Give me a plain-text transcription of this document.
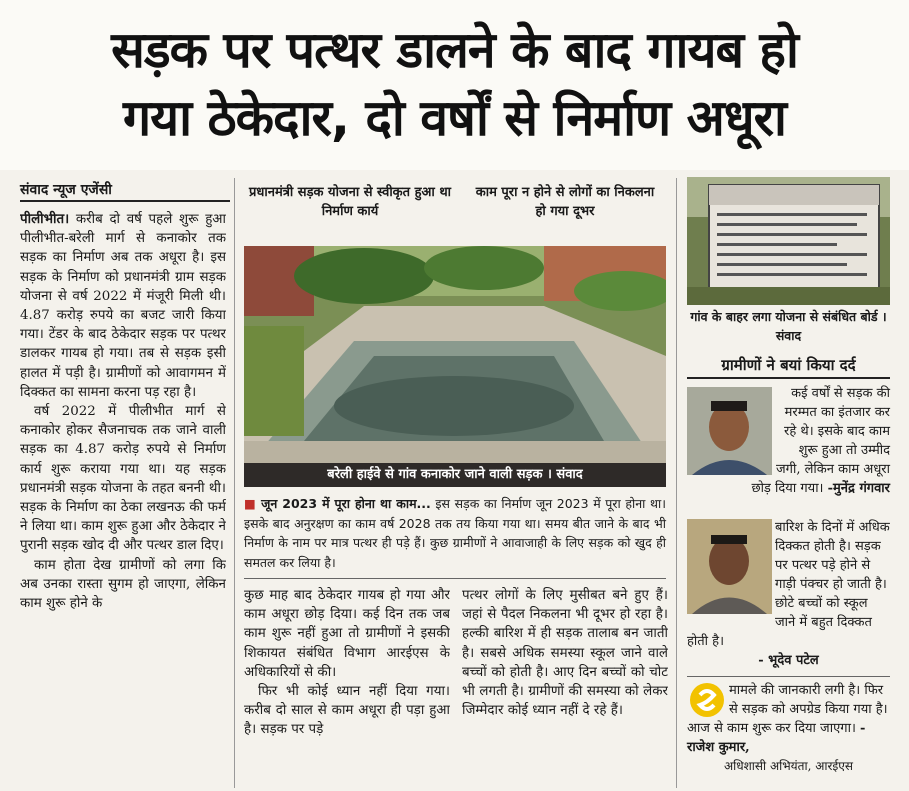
सड़क पर पत्थर डालने के बाद गायब हो
गया ठेकेदार, दो वर्षों से निर्माण अधूरा
संवाद न्यूज एजेंसी

पीलीभीत। करीब दो वर्ष पहले शुरू हुआ पीलीभीत-बरेली मार्ग से कनाकोर तक सड़क का निर्माण अब तक अधूरा है। इस सड़क के निर्माण को प्रधानमंत्री ग्राम सड़क योजना से वर्ष 2022 में मंजूरी मिली थी। 4.87 करोड़ रुपये का बजट जारी किया गया। टेंडर के बाद ठेकेदार सड़क पर पत्थर डालकर गायब हो गया। तब से सड़क इसी हालत में पड़ी है। ग्रामीणों को आवागमन में दिक्कत का सामना करना पड़ रहा है।

वर्ष 2022 में पीलीभीत मार्ग से कनाकोर होकर सैजनाचक तक जाने वाली सड़क का 4.87 करोड़ रुपये से निर्माण कार्य शुरू कराया गया था। यह सड़क प्रधानमंत्री सड़क योजना के तहत बननी थी। सड़क के निर्माण का ठेका लखनऊ की फर्म ने लिया था। काम शुरू हुआ और ठेकेदार ने पुरानी सड़क खोद दी और पत्थर डाल दिए।

काम होता देख ग्रामीणों को लगा कि अब उनका रास्ता सुगम हो जाएगा, लेकिन काम शुरू होने के

प्रधानमंत्री सड़क योजना से स्वीकृत हुआ था निर्माण कार्य
काम पूरा न होने से लोगों का निकलना हो गया दूभर
बरेली हाईवे से गांव कनाकोर जाने वाली सड़क । संवाद

■ जून 2023 में पूरा होना था काम... इस सड़क का निर्माण जून 2023 में पूरा होना था। इसके बाद अनुरक्षण का काम वर्ष 2028 तक तय किया गया था। समय बीत जाने के बाद भी निर्माण के नाम पर मात्र पत्थर ही पड़े हैं। कुछ ग्रामीणों ने आवाजाही के लिए सड़क को खुद ही समतल कर लिया है।

कुछ माह बाद ठेकेदार गायब हो गया और काम अधूरा छोड़ दिया। कई दिन तक जब काम शुरू नहीं हुआ तो ग्रामीणों ने इसकी शिकायत संबंधित विभाग आरईएस के अधिकारियों से की।

फिर भी कोई ध्यान नहीं दिया गया। करीब दो साल से काम अधूरा ही पड़ा हुआ है। सड़क पर पड़े

पत्थर लोगों के लिए मुसीबत बने हुए हैं। जहां से पैदल निकलना भी दूभर हो रहा है। हल्की बारिश में ही सड़क तालाब बन जाती है। सबसे अधिक समस्या स्कूल जाने वाले बच्चों को होती है। आए दिन बच्चों को चोट भी लगती है। ग्रामीणों की समस्या को लेकर जिम्मेदार कोई ध्यान नहीं दे रहे हैं।

गांव के बाहर लगा योजना से संबंधित बोर्ड । संवाद
ग्रामीणों ने बयां किया दर्द
कई वर्षों से सड़क की मरम्मत का इंतजार कर रहे थे। इसके बाद काम शुरू हुआ तो उम्मीद जगी, लेकिन काम अधूरा छोड़ दिया गया। -मुनेंद्र गंगवार
बारिश के दिनों में अधिक दिक्कत होती है। सड़क पर पत्थर पड़े होने से गाड़ी पंक्चर हो जाती है। छोटे बच्चों को स्कूल जाने में बहुत दिक्कत होती है।
- भूदेव पटेल
मामले की जानकारी लगी है। फिर से सड़क को अपग्रेड किया गया है। आज से काम शुरू कर दिया जाएगा। - राजेश कुमार,
अधिशासी अभियंता, आरईएस
